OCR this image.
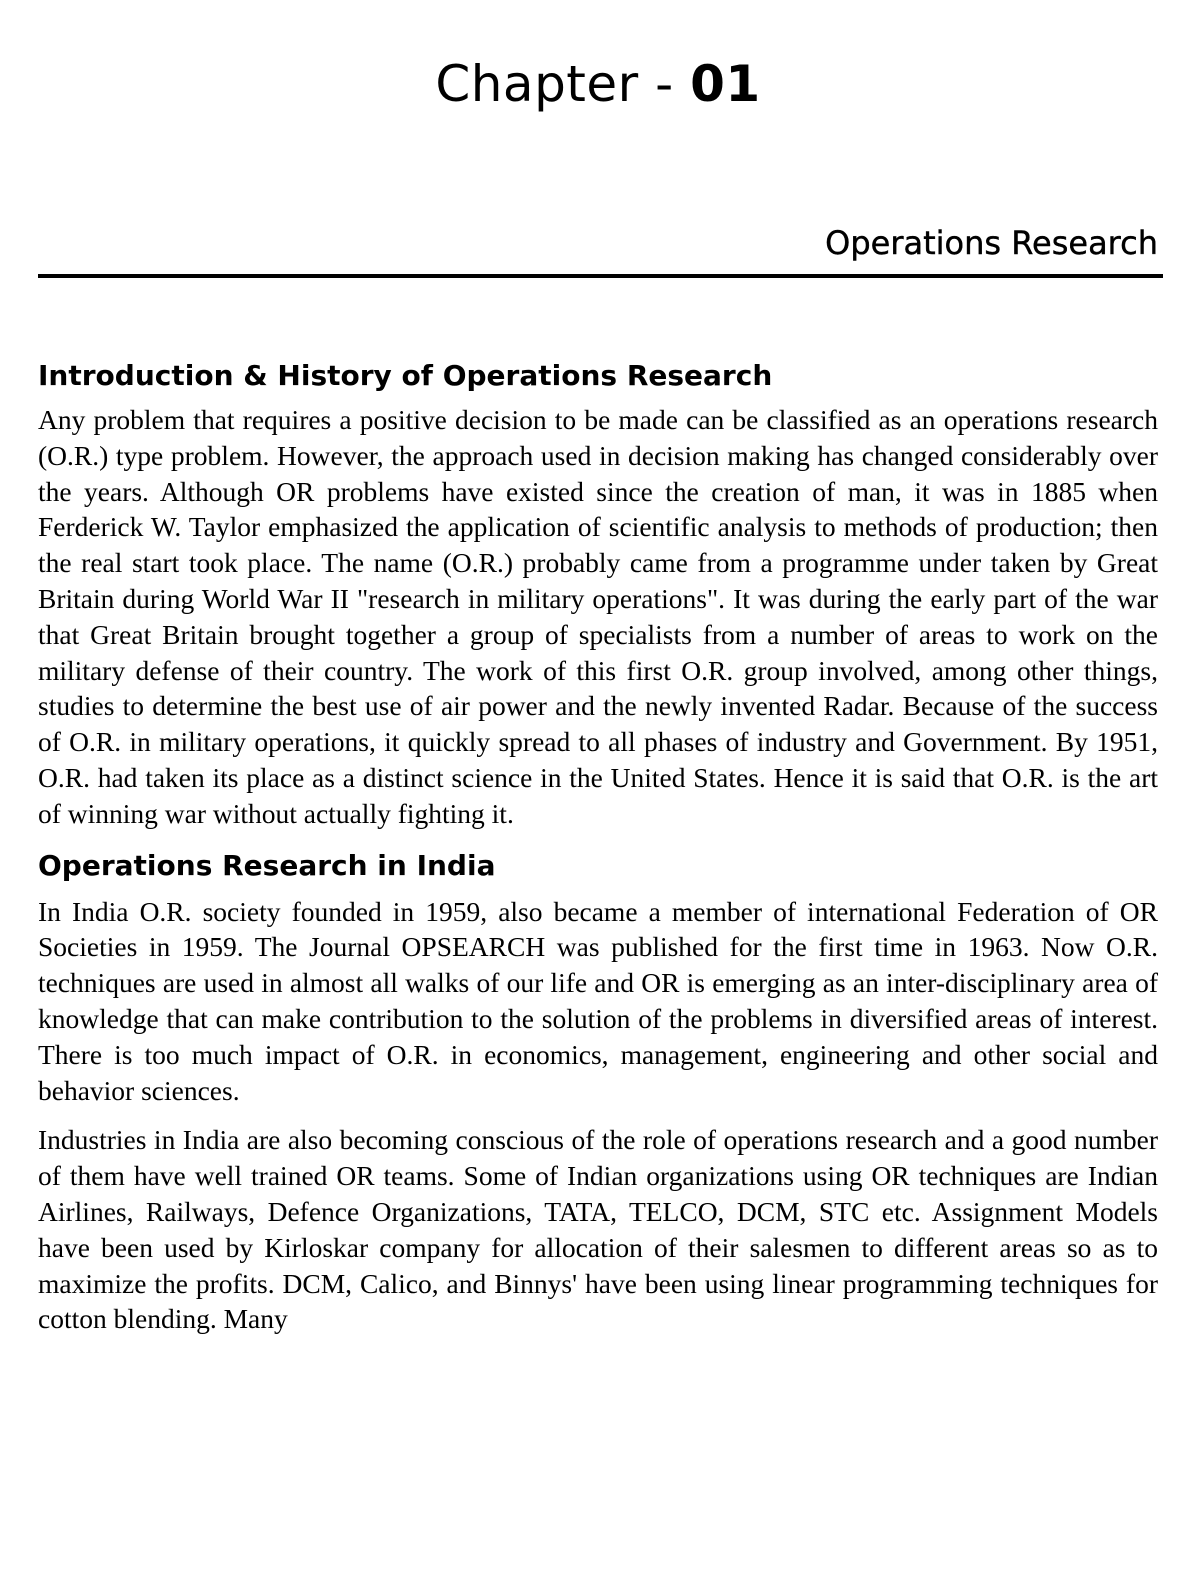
Chapter - 01
Operations Research
Introduction & History of Operations Research

Any problem that requires a positive decision to be made can be classified as an operations research (O.R.) type problem. However, the approach used in decision making has changed considerably over the years. Although OR problems have existed since the creation of man, it was in 1885 when Ferderick W. Taylor emphasized the application of scientific analysis to methods of production; then the real start took place. The name (O.R.) probably came from a programme under taken by Great Britain during World War II "research in military operations". It was during the early part of the war that Great Britain brought together a group of specialists from a number of areas to work on the military defense of their country. The work of this first O.R. group involved, among other things, studies to determine the best use of air power and the newly invented Radar. Because of the success of O.R. in military operations, it quickly spread to all phases of industry and Government. By 1951, O.R. had taken its place as a distinct science in the United States. Hence it is said that O.R. is the art of winning war without actually fighting it.

Operations Research in India

In India O.R. society founded in 1959, also became a member of international Federation of OR Societies in 1959. The Journal OPSEARCH was published for the first time in 1963. Now O.R. techniques are used in almost all walks of our life and OR is emerging as an inter-disciplinary area of knowledge that can make contribution to the solution of the problems in diversified areas of interest. There is too much impact of O.R. in economics, management, engineering and other social and behavior sciences.

Industries in India are also becoming conscious of the role of operations research and a good number of them have well trained OR teams. Some of Indian organizations using OR techniques are Indian Airlines, Railways, Defence Organizations, TATA, TELCO, DCM, STC etc. Assignment Models have been used by Kirloskar company for allocation of their salesmen to different areas so as to maximize the profits. DCM, Calico, and Binnys' have been using linear programming techniques for cotton blending. Many
